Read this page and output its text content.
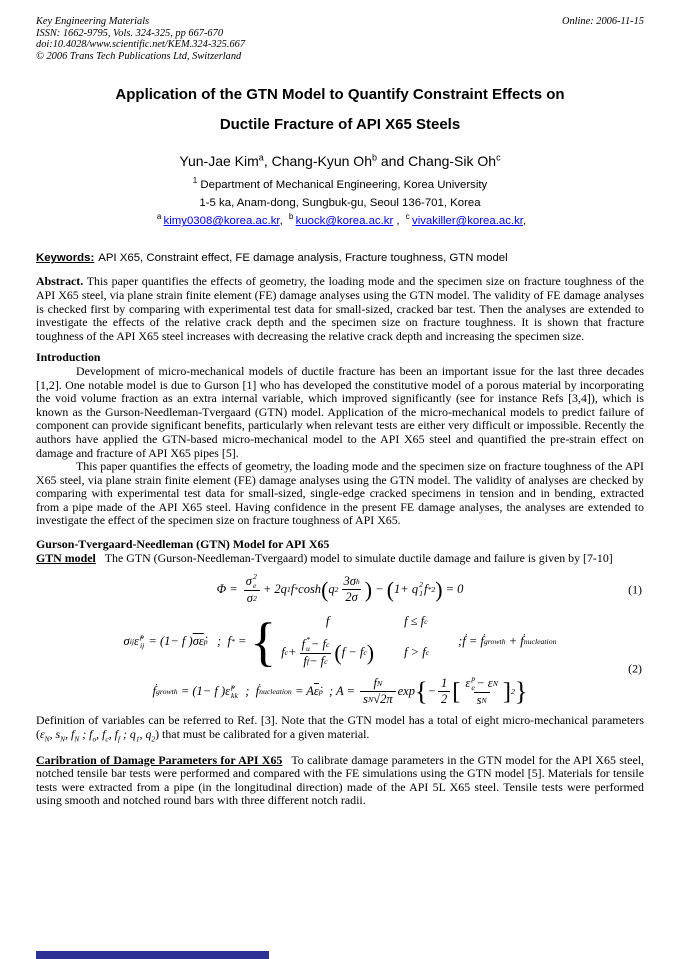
Key Engineering Materials
ISSN: 1662-9795, Vols. 324-325, pp 667-670
doi:10.4028/www.scientific.net/KEM.324-325.667
© 2006 Trans Tech Publications Ltd, Switzerland
Online: 2006-11-15
Application of the GTN Model to Quantify Constraint Effects on
Ductile Fracture of API X65 Steels
Yun-Jae Kim$^a$, Chang-Kyun Oh$^b$ and Chang-Sik Oh$^c$
$^1$ Department of Mechanical Engineering, Korea University
1-5 ka, Anam-dong, Sungbuk-gu, Seoul 136-701, Korea
$^a$ kimy0308@korea.ac.kr, $^b$ kuock@korea.ac.kr , $^c$ vivakiller@korea.ac.kr,
Keywords: API X65, Constraint effect, FE damage analysis, Fracture toughness, GTN model

Abstract. This paper quantifies the effects of geometry, the loading mode and the specimen size on fracture toughness of the API X65 steel, via plane strain finite element (FE) damage analyses using the GTN model. The validity of FE damage analyses is checked first by comparing with experimental test data for small-sized, cracked bar test. Then the analyses are extended to investigate the effects of the relative crack depth and the specimen size on fracture toughness. It is shown that fracture toughness of the API X65 steel increases with decreasing the relative crack depth and increasing the specimen size.

Introduction

Development of micro-mechanical models of ductile fracture has been an important issue for the last three decades [1,2]. One notable model is due to Gurson [1] who has developed the constitutive model of a porous material by incorporating the void volume fraction as an extra internal variable, which improved significantly (see for instance Refs [3,4]), which is known as the Gurson-Needleman-Tvergaard (GTN) model. Application of the micro-mechanical models to predict failure of component can provide significant benefits, particularly when relevant tests are either very difficult or impossible. Recently the authors have applied the GTN-based micro-mechanical model to the API X65 steel and quantified the pre-strain effect on damage and fracture of API X65 pipes [5].

This paper quantifies the effects of geometry, the loading mode and the specimen size on fracture toughness of the API X65 steel, via plane strain finite element (FE) damage analyses using the GTN model. The validity of analyses are checked by comparing with experimental test data for small-sized, single-edge cracked specimens in tension and in bending, extracted from a pipe made of the API X65 steel. Having confidence in the present FE damage analyses, the analyses are extended to investigate the effect of the specimen size on fracture toughness of API X65.

Gurson-Tvergaard-Needleman (GTN) Model for API X65

GTN model The GTN (Gurson-Needleman-Tvergaard) model to simulate ductile damage and failure is given by [7-10]

Φ = σ 2
e
$\overline{\sigma}$ 2 + 2q 1 f * cosh ( q $2 \frac{\text{3σ h}}{2 \overline{\sigma}}$ ) − ( 1+ q 2
1 f *2 ) = 0	(1)
σ ij ε̇ p
ij = (1− f ) $\overline{\sigma}$ ε̇ p ;  f * = {	f	f ≤ f c
f c + f *
u − f c
f f − f c ( f − f c ) f > f c
;ḟ = ḟ growth + ḟ nucleation
ḟ growth = (1− f ) ε̇ p
kk ; ḟ nucleation = A ε̇ p ; $A = \frac{\text{f N}}{\text{s N √ 2π}}$ exp { − $\frac{1}{2}$ [ ε p
e − ε N
s N ] 2 }
(2)

Definition of variables can be referred to Ref. [3]. Note that the GTN model has a total of eight micro-mechanical parameters ($\varepsilon_N$, $s_N$, $f_N$ ; $f_o$, $f_c$, $f_f$ ; $q_1$, $q_2$) that must be calibrated for a given material.

Caribration of Damage Parameters for API X65 To calibrate damage parameters in the GTN model for the API X65 steel, notched tensile bar tests were performed and compared with the FE simulations using the GTN model [5]. Materials for tensile tests were extracted from a pipe (in the longitudinal direction) made of the API 5L X65 steel. Tensile tests were performed using smooth and notched round bars with three different notch radii.
